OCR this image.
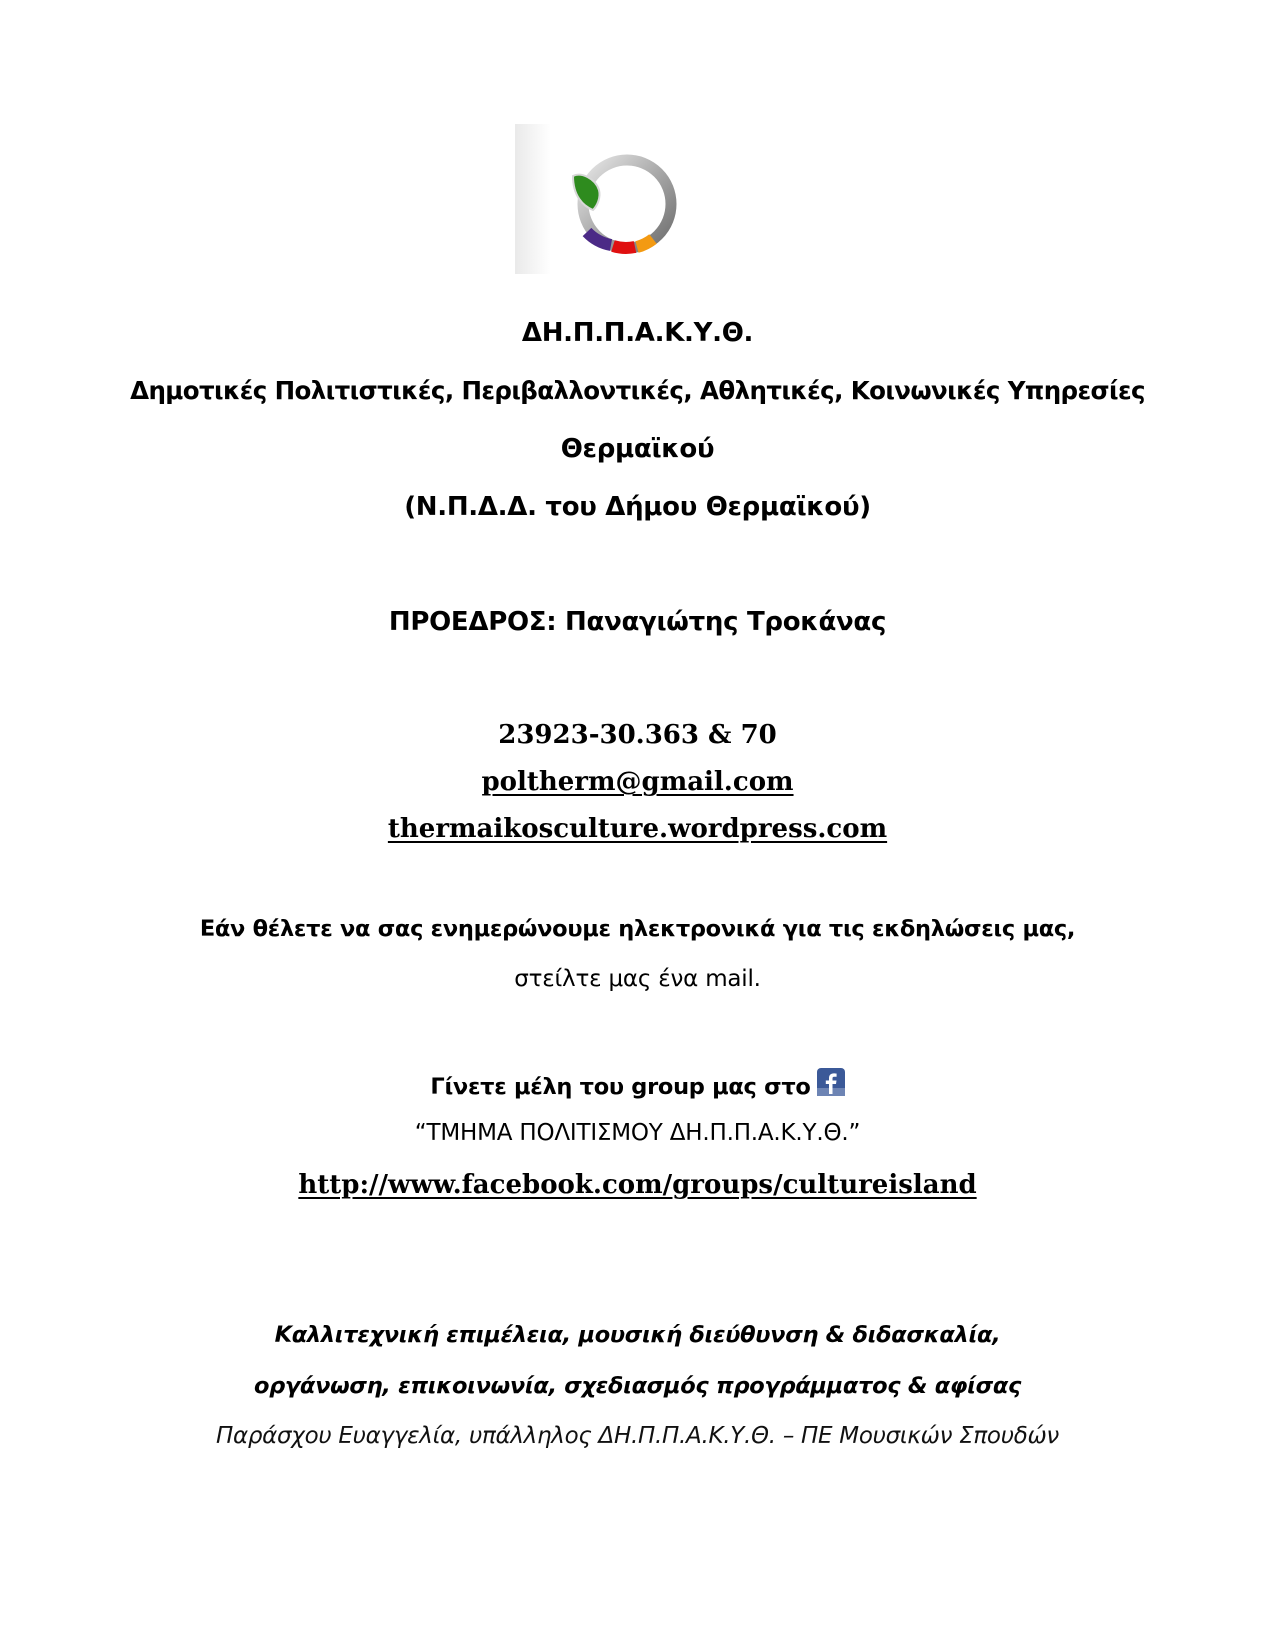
ΔΗ.Π.Π.Α.Κ.Υ.Θ.
Δημοτικές Πολιτιστικές, Περιβαλλοντικές, Αθλητικές, Κοινωνικές Υπηρεσίες
Θερμαϊκού
(Ν.Π.Δ.Δ. του Δήμου Θερμαϊκού)
ΠΡΟΕΔΡΟΣ: Παναγιώτης Τροκάνας
23923-30.363 & 70
poltherm@gmail.com
thermaikosculture.wordpress.com
Εάν θέλετε να σας ενημερώνουμε ηλεκτρονικά για τις εκδηλώσεις μας,
στείλτε μας ένα mail.
Γίνετε μέλη του group μας στο
“ΤΜΗΜΑ ΠΟΛΙΤΙΣΜΟΥ ΔΗ.Π.Π.Α.Κ.Υ.Θ.”
http://www.facebook.com/groups/cultureisland
Καλλιτεχνική επιμέλεια, μουσική διεύθυνση & διδασκαλία,
οργάνωση, επικοινωνία, σχεδιασμός προγράμματος & αφίσας
Παράσχου Ευαγγελία, υπάλληλος ΔΗ.Π.Π.Α.Κ.Υ.Θ. – ΠΕ Μουσικών Σπουδών
